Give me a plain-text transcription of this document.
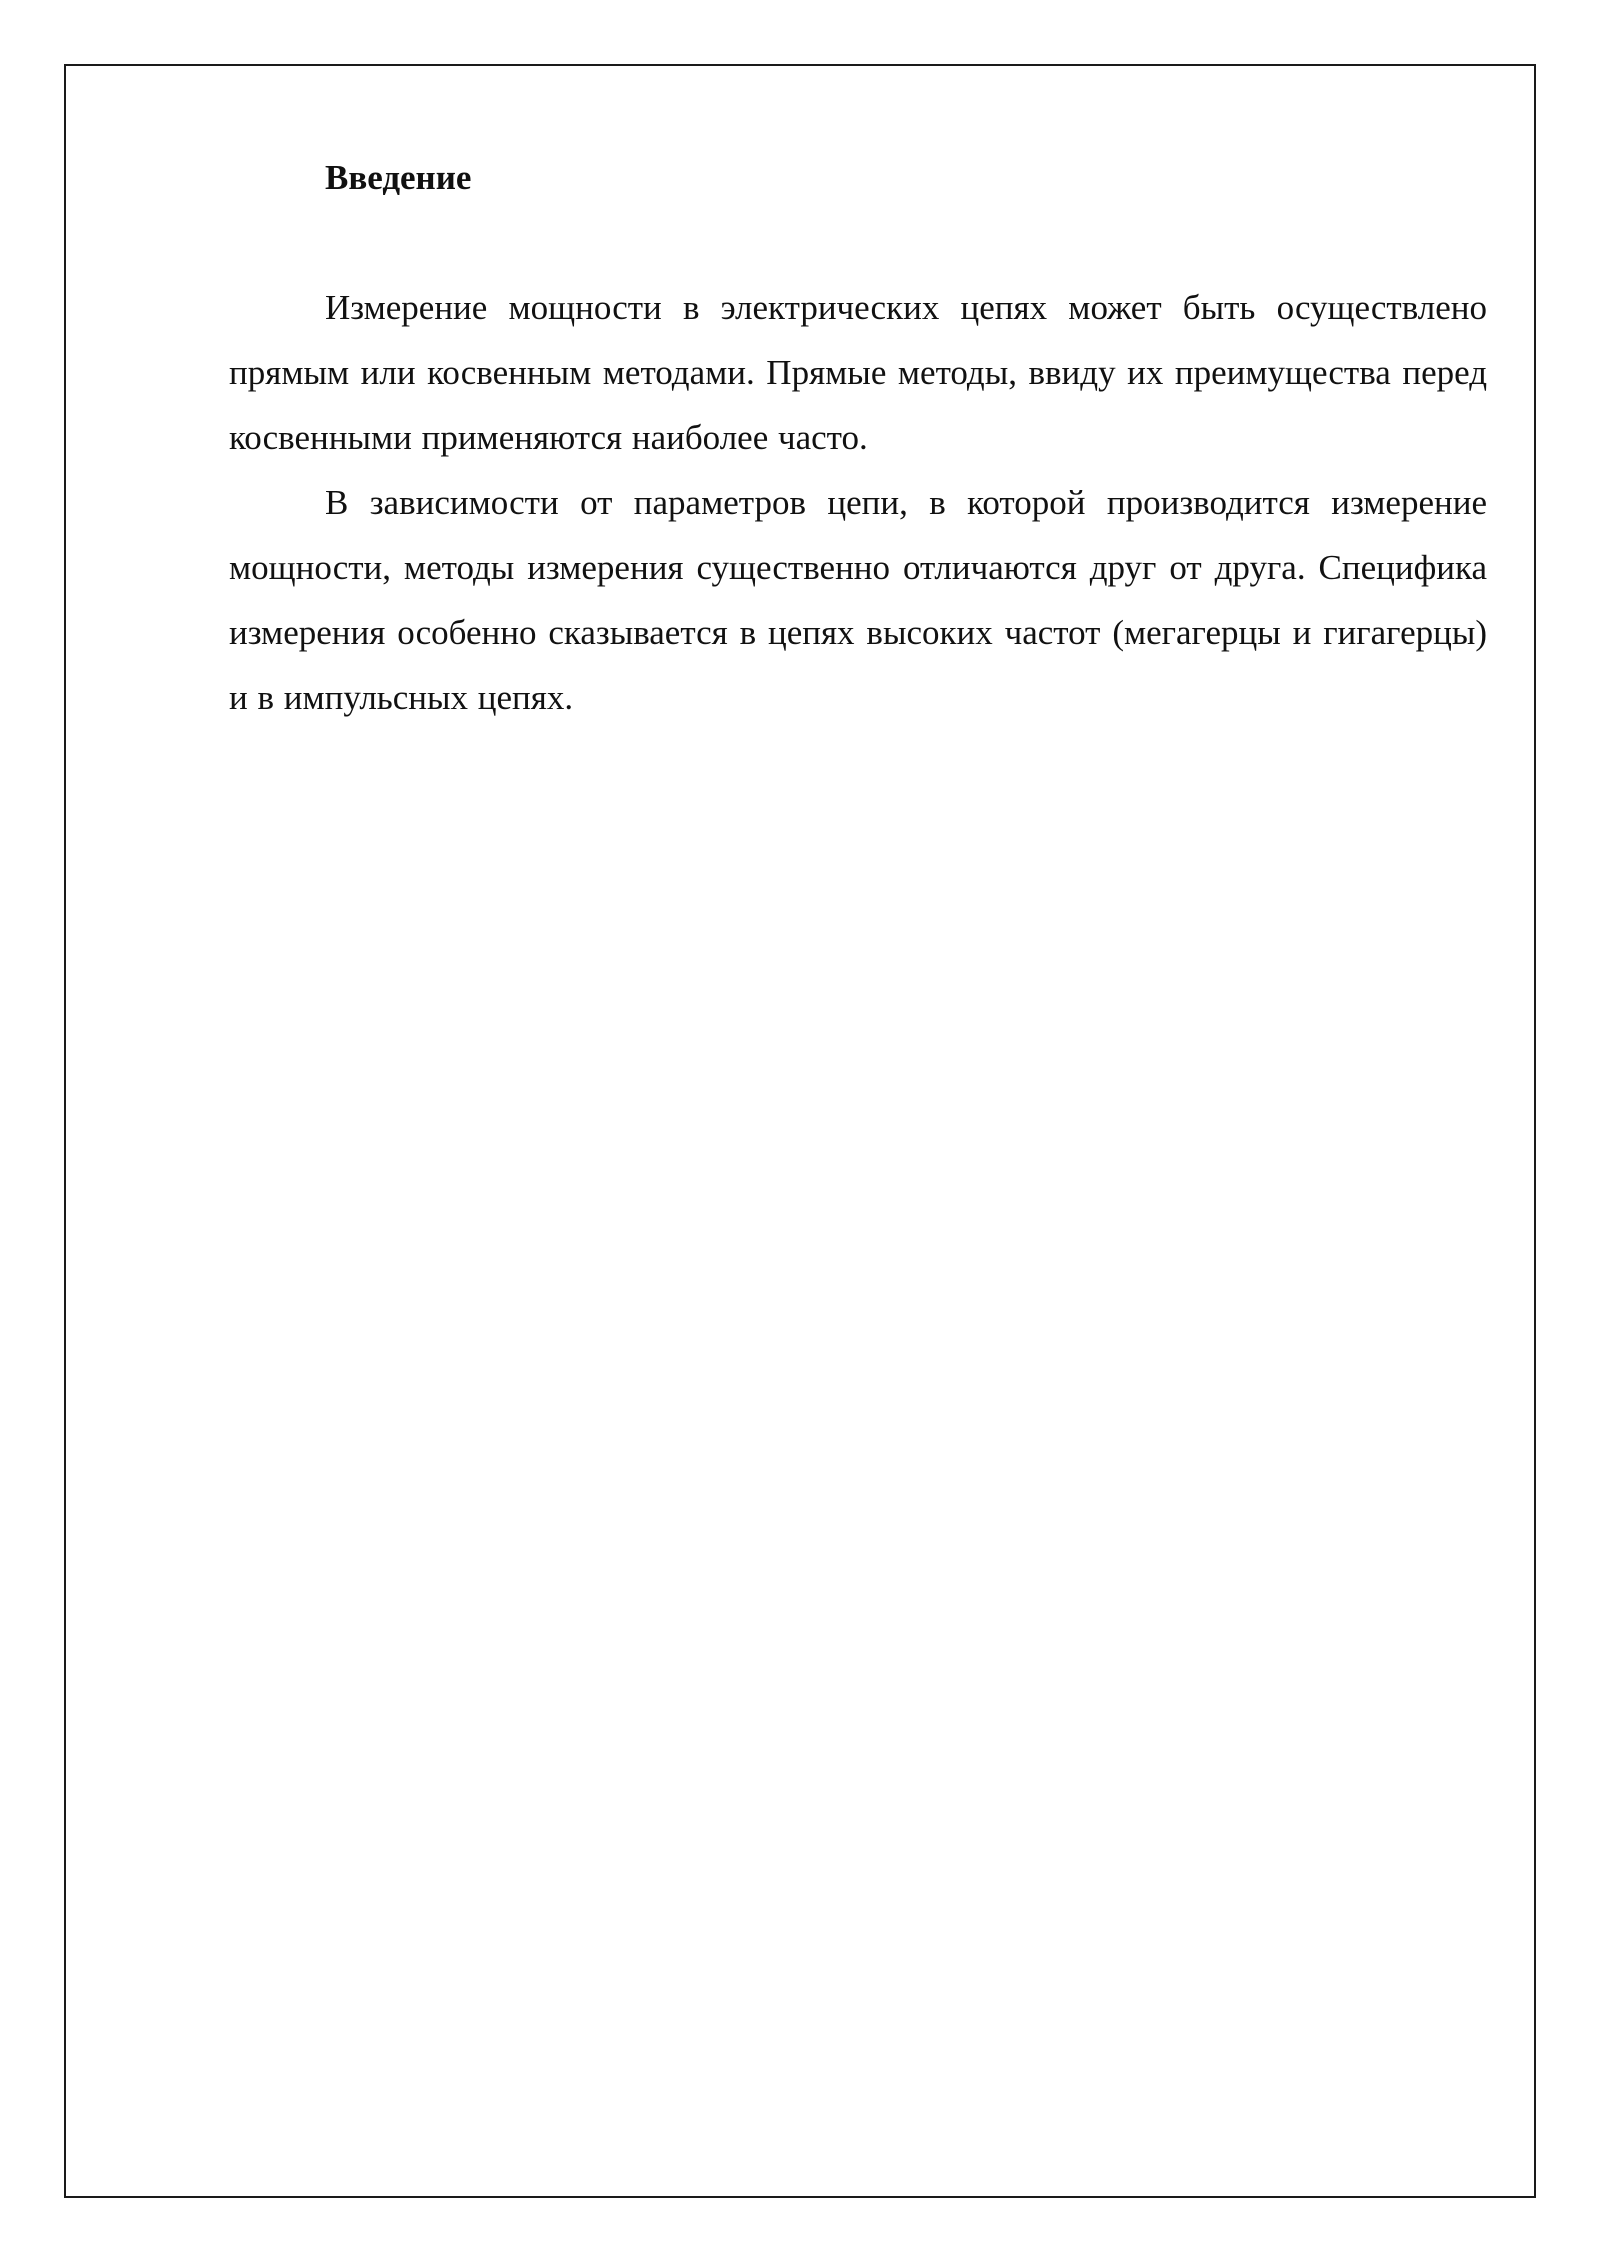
Введение

Измерение мощности в электрических цепях может быть осуществлено прямым или косвенным методами. Прямые методы, ввиду их преимущества перед косвенными применяются наиболее часто.

В зависимости от параметров цепи, в которой производится измерение мощности, методы измерения существенно отличаются друг от друга. Специфика измерения особенно сказывается в цепях высоких частот (мегагерцы и гигагерцы) и в импульсных цепях.
